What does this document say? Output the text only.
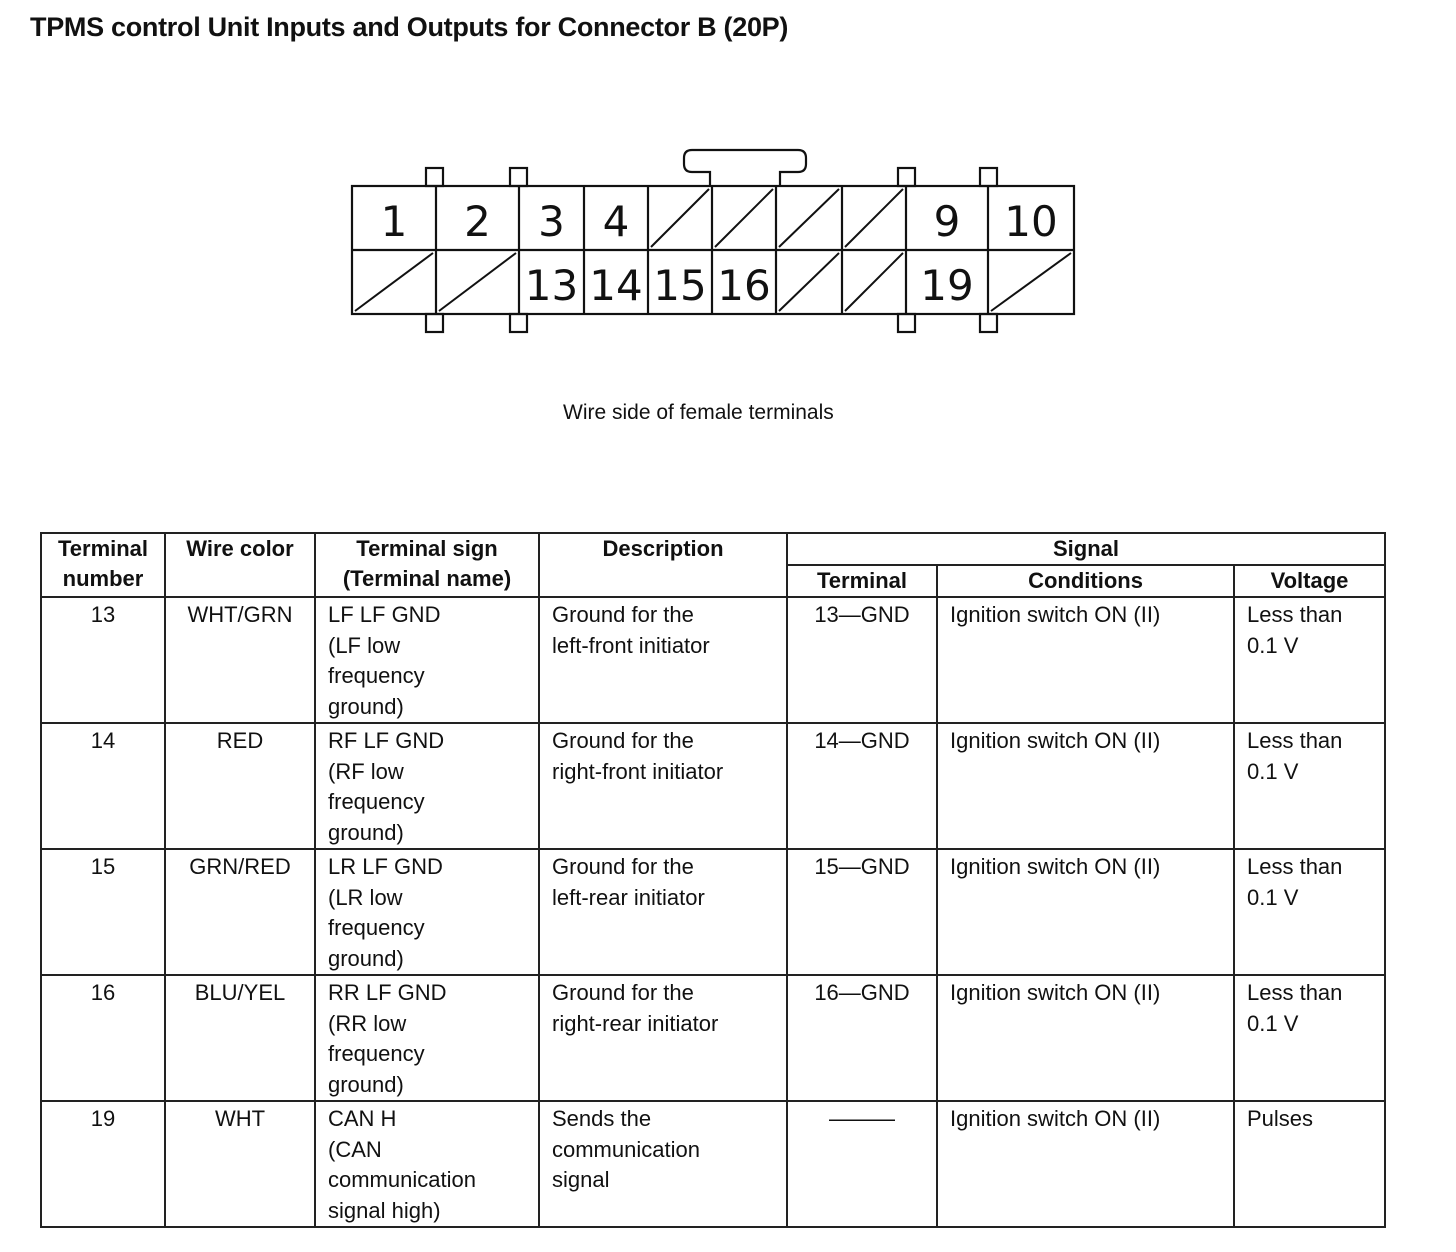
TPMS control Unit Inputs and Outputs for Connector B (20P)
1 2 3 4	9 10
13 14 15 16	19
Wire side of female terminals
Terminal number	Wire color	Terminal sign (Terminal name)	Description	Signal		
				Terminal	Conditions	Voltage
13	WHT/GRN	LF LF GND
(LF low
frequency
ground)	Ground for the
left-front initiator	13—GND	Ignition switch ON (II)	Less than
0.1 V

14	RED	RF LF GND
(RF low
frequency
ground)	Ground for the
right-front initiator	14—GND	Ignition switch ON (II)	Less than
0.1 V

15	GRN/RED	LR LF GND
(LR low
frequency
ground)	Ground for the
left-rear initiator	15—GND	Ignition switch ON (II)	Less than
0.1 V

16	BLU/YEL	RR LF GND
(RR low
frequency
ground)	Ground for the
right-rear initiator	16—GND	Ignition switch ON (II)	Less than
0.1 V

19	WHT	CAN H
(CAN
communication
signal high)	Sends the
communication
signal	———	Ignition switch ON (II)	Pulses
